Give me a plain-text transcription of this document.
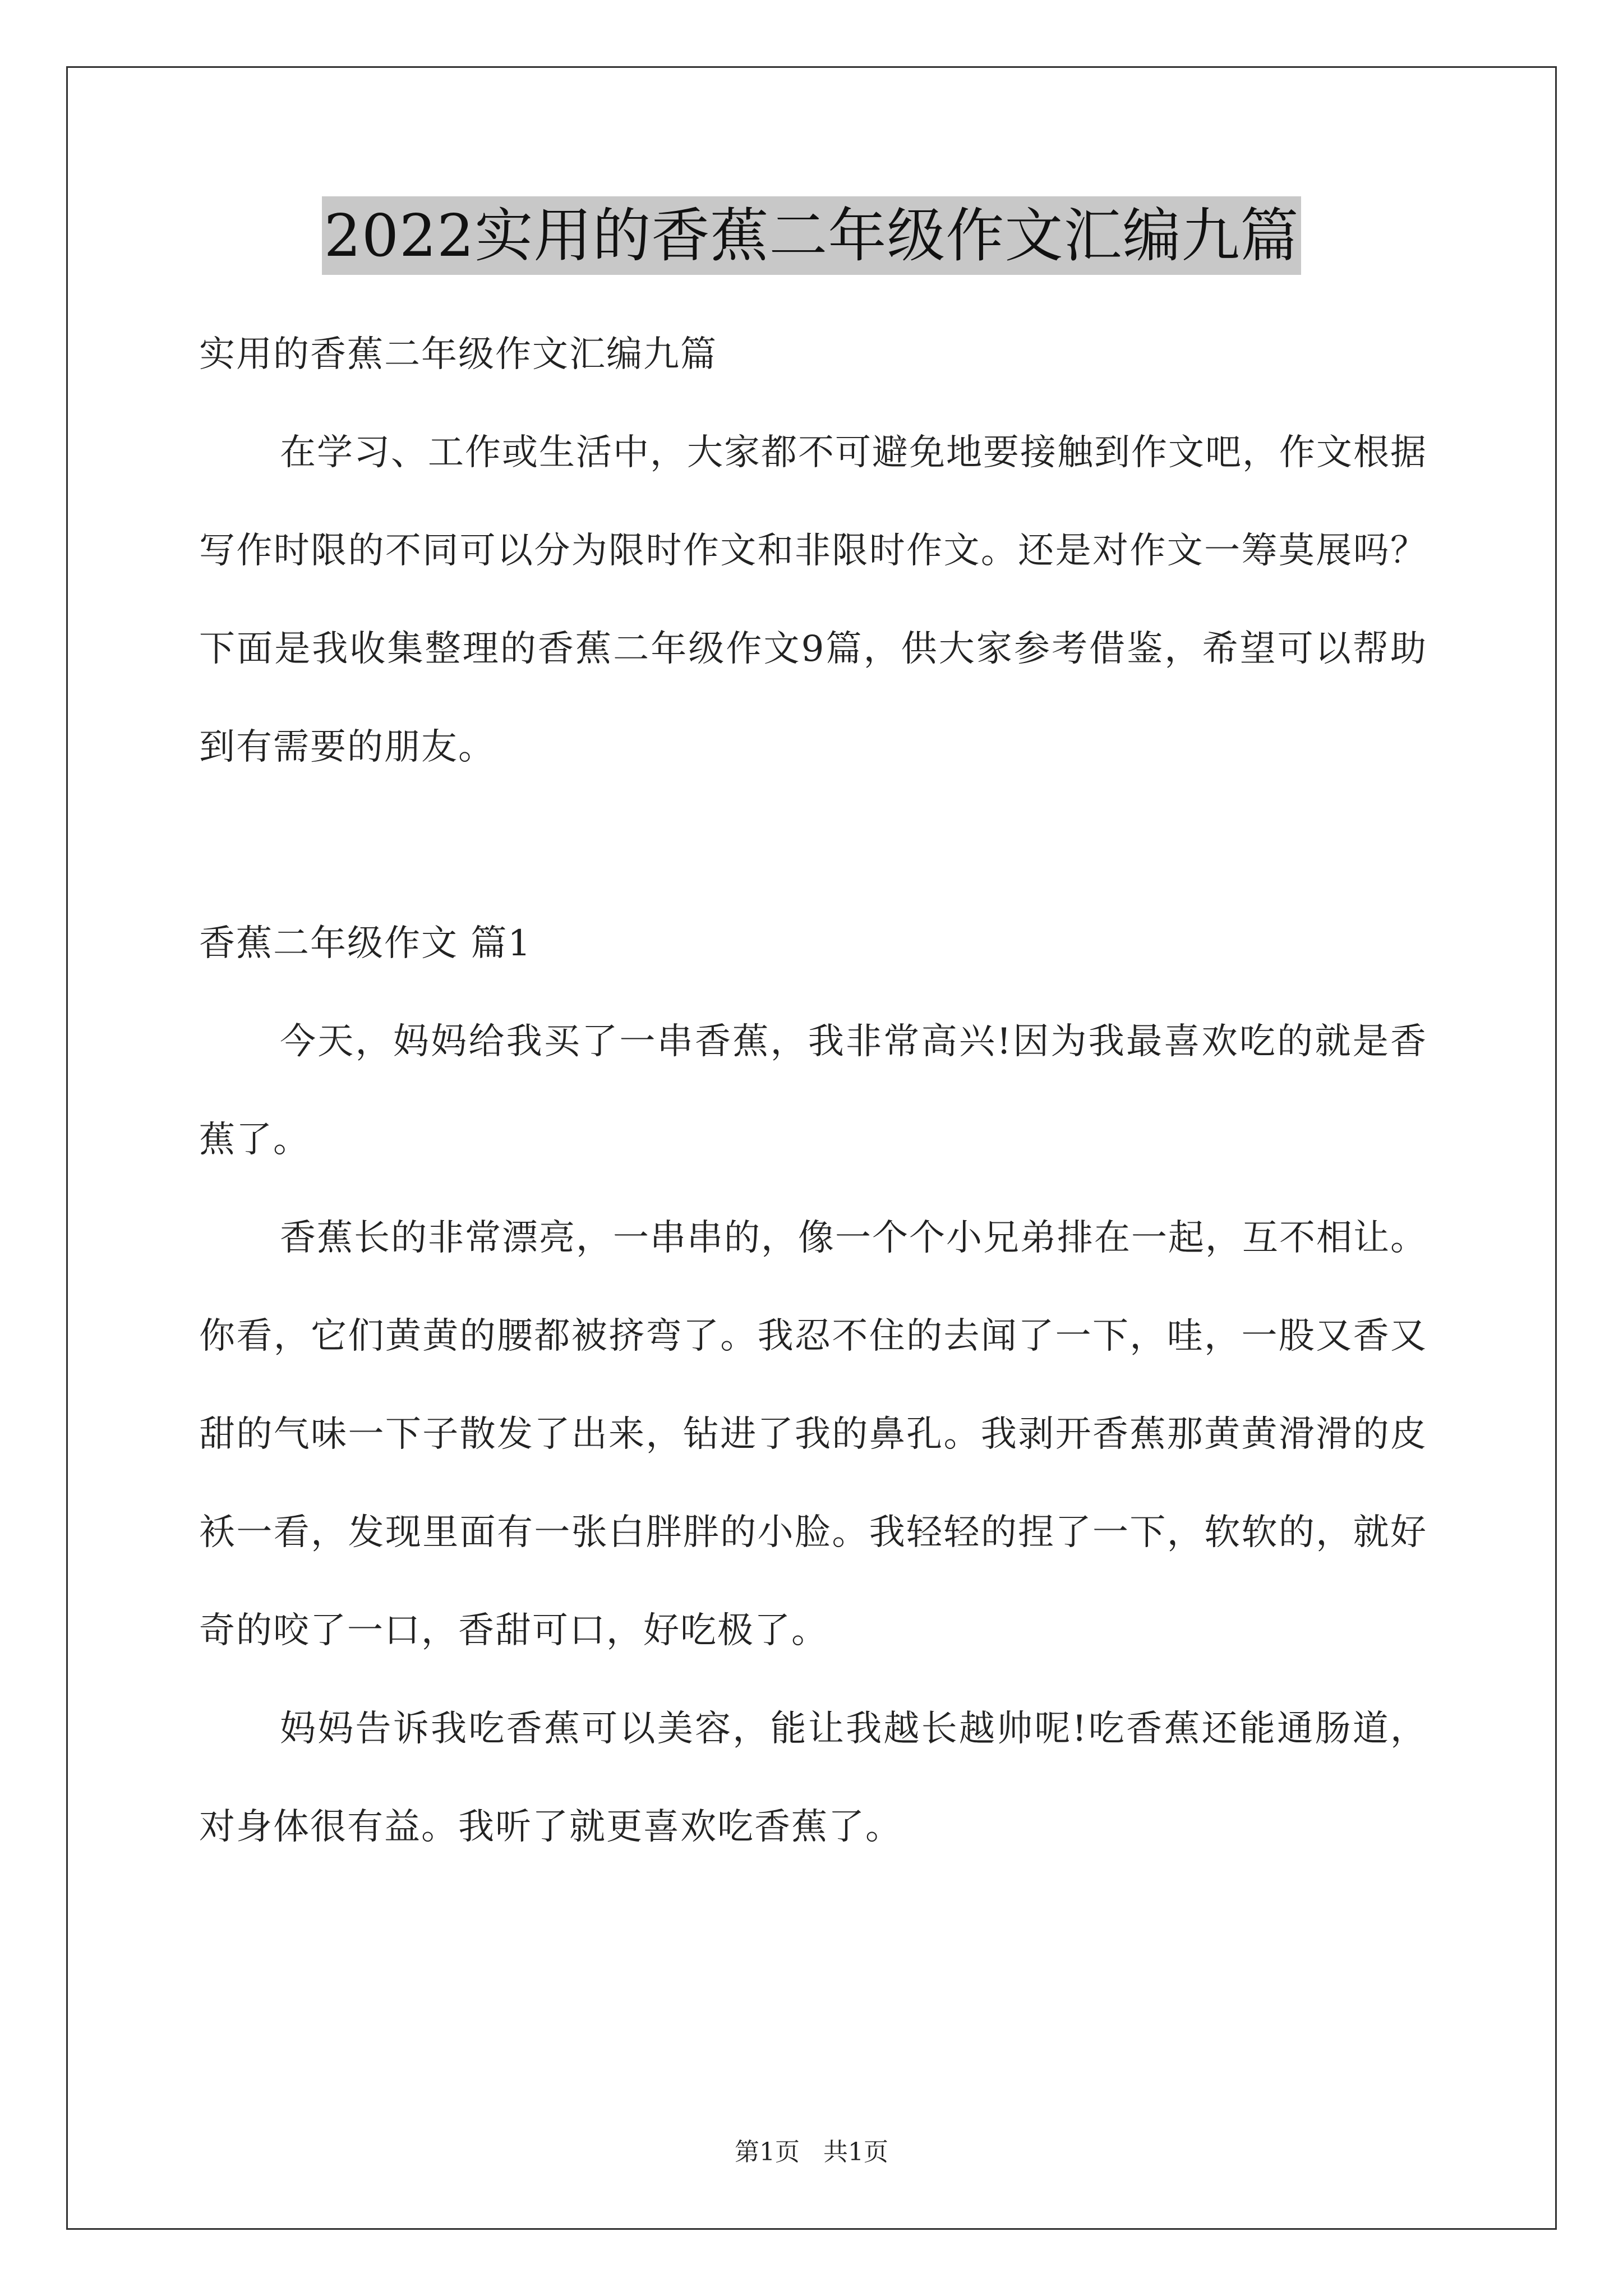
2022实用的香蕉二年级作文汇编九篇

实用的香蕉二年级作文汇编九篇

在学习、工作或生活中，大家都不可避免地要接触到作文吧，作文根据写作时限的不同可以分为限时作文和非限时作文。还是对作文一筹莫展吗？下面是我收集整理的香蕉二年级作文9篇，供大家参考借鉴，希望可以帮助到有需要的朋友。

香蕉二年级作文 篇1

今天，妈妈给我买了一串香蕉，我非常高兴!因为我最喜欢吃的就是香蕉了。

香蕉长的非常漂亮，一串串的，像一个个小兄弟排在一起，互不相让。你看，它们黄黄的腰都被挤弯了。我忍不住的去闻了一下，哇，一股又香又甜的气味一下子散发了出来，钻进了我的鼻孔。我剥开香蕉那黄黄滑滑的皮袄一看，发现里面有一张白胖胖的小脸。我轻轻的捏了一下，软软的，就好奇的咬了一口，香甜可口，好吃极了。

妈妈告诉我吃香蕉可以美容，能让我越长越帅呢!吃香蕉还能通肠道，对身体很有益。我听了就更喜欢吃香蕉了。

第1页 共1页
